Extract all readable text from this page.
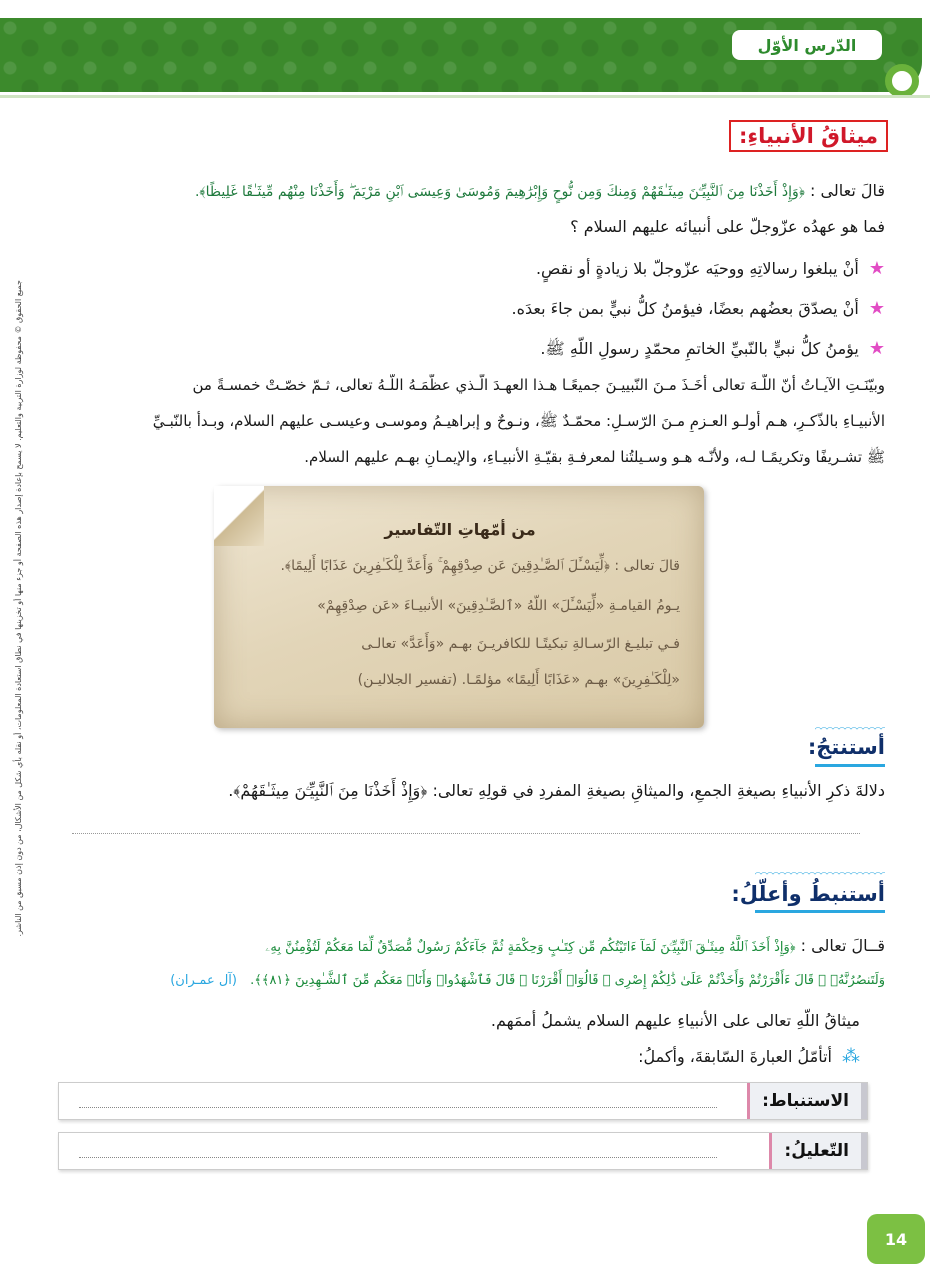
الدّرس الأوّل
جميع الحقوق © محفوظة لوزارة التربية والتعليم. لا يسمح بإعادة إصدار هذه الصفحة أو جزء منها أو تخزينها في نطاق استعادة المعلومات، أو نقله بأي شكل من الأشكال، من دون إذن مسبق من الناشر.
ميثاقُ الأنبياءِ:
قالَ تعالى : ﴿وَإِذْ أَخَذْنَا مِنَ ٱلنَّبِيِّـۧنَ مِيثَـٰقَهُمْ وَمِنكَ وَمِن نُّوحٍ وَإِبْرَٰهِيمَ وَمُوسَىٰ وَعِيسَى ٱبْنِ مَرْيَمَ ۖ وَأَخَذْنَا مِنْهُم مِّيثَـٰقًا غَلِيظًا﴾.
فما هو عهدُه عزّوجلّ على أنبيائه عليهم السلام ؟
★أنْ يبلغوا رسالاتِهِ ووحيَه عزّوجلّ بلا زيادةٍ أو نقصٍ.
★أنْ يصدّقَ بعضُهم بعضًا، فيؤمنُ كلُّ نبيٍّ بمن جاءَ بعدَه.
★يؤمنُ كلُّ نبيٍّ بالنّبيِّ الخاتمِ محمّدٍ رسولِ اللّهِ ﷺ.
وبيّنَـتِ الآيـاتُ أنّ اللّـهَ تعالى أخَـذَ مـنَ النّبييـنَ جميعًـا هـذا العهـدَ الّـذي عظّمَـهُ اللّـهُ تعالى، ثـمّ خصّـتْ خمسـةً من
الأنبيـاءِ بالذّكـرِ، هـم أولـو العـزمِ مـنَ الرّسـلِ: محمّـدٌ ﷺ، ونـوحٌ و إبراهيـمُ وموسـى وعيسـى عليهم السلام، وبـدأ بالنّبـيِّ
ﷺ تشـريفًا وتكريمًـا لـه، ولأنّـه هـو وسـيلتُنا لمعرفـةِ بقيّـةِ الأنبيـاءِ، والإيمـانِ بهـم عليهم السلام.
من أمّهاتِ التّفاسير
قالَ تعالى : ﴿لِّيَسْـَٔلَ ٱلصَّـٰدِقِينَ عَن صِدْقِهِمْ ۚ وَأَعَدَّ لِلْكَـٰفِرِينَ عَذَابًا أَلِيمًا﴾.
يـومُ القيامـةِ «لِّيَسْـَٔلَ» اللّهُ «ٱلصَّـٰدِقِينَ» الأنبيـاءَ «عَن صِدْقِهِمْ»
فـي تبليـغ الرّسـالةِ تبكيتًـا للكافريـنَ بهـم «وَأَعَدَّ» تعالـى
«لِلْكَـٰفِرِينَ» بهـم «عَذَابًا أَلِيمًا» مؤلمًـا. (تفسير الجلاليـن)
أستنتجُ:
دلالةَ ذكرِ الأنبياءِ بصيغةِ الجمعِ، والميثاقِ بصيغةِ المفردِ في قولِهِ تعالى: ﴿وَإِذْ أَخَذْنَا مِنَ ٱلنَّبِيِّـۧنَ مِيثَـٰقَهُمْ﴾.
أستنبطُ وأعلّلُ:
قــالَ تعالى : ﴿وَإِذْ أَخَذَ ٱللَّهُ مِيثَـٰقَ ٱلنَّبِيِّـۧنَ لَمَآ ءَاتَيْتُكُم مِّن كِتَـٰبٍ وَحِكْمَةٍ ثُمَّ جَآءَكُمْ رَسُولٌ مُّصَدِّقٌ لِّمَا مَعَكُمْ لَتُؤْمِنُنَّ بِهِۦ
وَلَتَنصُرُنَّهُۥ ۚ قَالَ ءَأَقْرَرْتُمْ وَأَخَذْتُمْ عَلَىٰ ذَٰلِكُمْ إِصْرِى ۖ قَالُوٓا۟ أَقْرَرْنَا ۚ قَالَ فَٱشْهَدُوا۟ وَأَنَا۠ مَعَكُم مِّنَ ٱلشَّـٰهِدِينَ ﴿٨١﴾﴾. (آل عمـران)
ميثاقُ اللّهِ تعالى على الأنبياءِ عليهم السلام يشملُ أممَهم.
⁂أتأمّلُ العبارةَ السّابقةَ، وأكملُ:
الاستنباط:
التّعليلُ:
14
